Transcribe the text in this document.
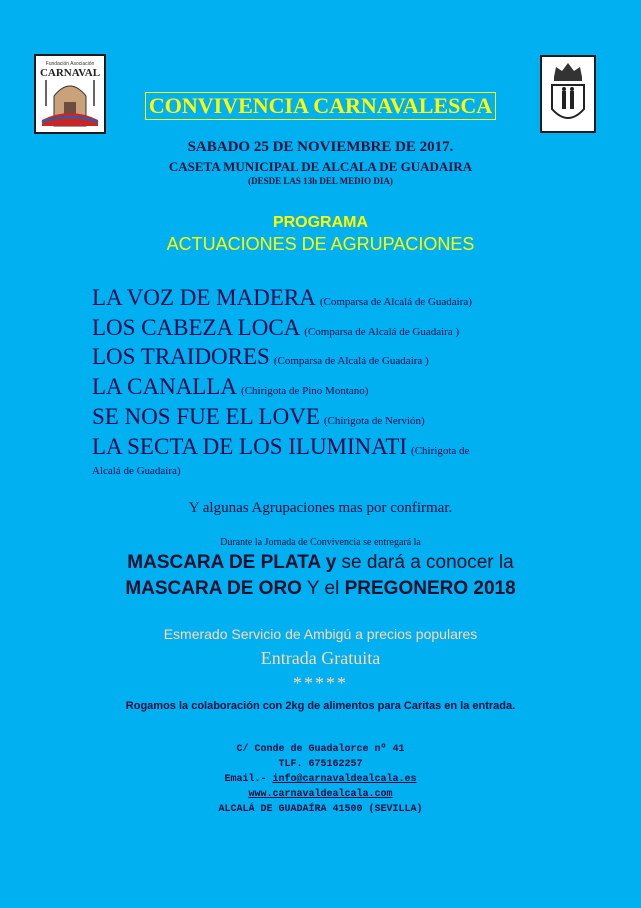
Fundación Asociación
CARNAVAL
CONVIVENCIA CARNAVALESCA
SABADO 25 DE NOVIEMBRE DE 2017.
CASETA MUNICIPAL DE ALCALA DE GUADAIRA
(DESDE LAS 13h DEL MEDIO DIA)
PROGRAMA
ACTUACIONES DE AGRUPACIONES
LA VOZ DE MADERA (Comparsa de Alcalá de Guadaira)
LOS CABEZA LOCA (Comparsa de Alcalá de Guadaira )
LOS TRAIDORES (Comparsa de Alcalá de Guadaira )
LA CANALLA (Chirigota de Pino Montano)
SE NOS FUE EL LOVE (Chirigota de Nervión)
LA SECTA DE LOS ILUMINATI (Chirigota de
Alcalá de Guadaira)
Y algunas Agrupaciones mas por confirmar.
Durante la Jornada de Convivencia se entregará la
MASCARA DE PLATA y se dará a conocer la
MASCARA DE ORO Y el PREGONERO 2018
Esmerado Servicio de Ambigú a precios populares
Entrada Gratuita
*****
Rogamos la colaboración con 2kg de alimentos para Caritas en la entrada.
C/ Conde de Guadalorce nº 41
TLF. 675162257
Email.- info@carnavaldealcala.es
www.carnavaldealcala.com
ALCALÁ DE GUADAÍRA 41500 (SEVILLA)
